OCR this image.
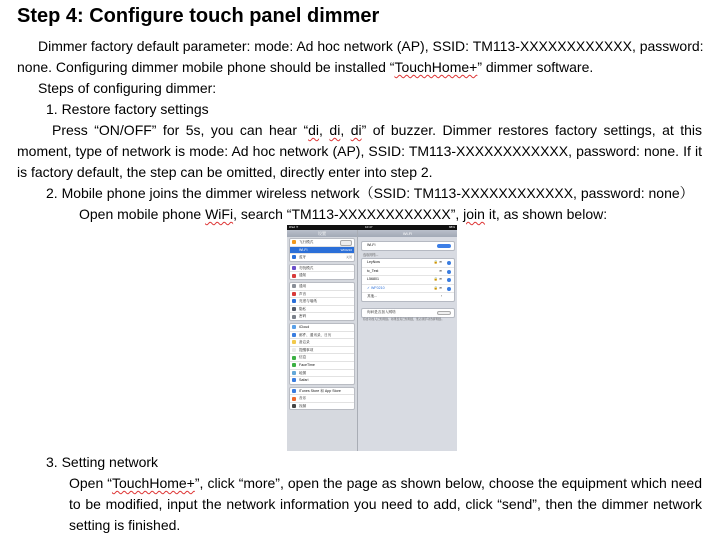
Step 4: Configure touch panel dimmer
Dimmer factory default parameter: mode: Ad hoc network (AP), SSID: TM113-XXXXXXXXXXXX, password:
none. Configuring dimmer mobile phone should be installed “TouchHome+” dimmer software.
Steps of configuring dimmer:
1. Restore factory settings
Press “ON/OFF” for 5s, you can hear “di, di, di” of buzzer. Dimmer restores factory settings, at this
moment, type of network is mode: Ad hoc network (AP), SSID: TM113-XXXXXXXXXXXX, password: none. If it
is factory default, the step can be omitted, directly enter into step 2.
2. Mobile phone joins the dimmer wireless network（SSID: TM113-XXXXXXXXXXXX, password: none）
Open mobile phone WiFi, search “TM113-XXXXXXXXXXXX”, join it, as shown below:
iPad ✈	10:47	88%
设置
飞行模式
Wi-Fi	WF0210
蓝牙	关闭
勿扰模式
通知
通用
声音
亮度与墙纸
隐私
密码
iCloud
邮件、通讯录、日历
备忘录
提醒事项
信息
FaceTime
地图
Safari
iTunes Store 和 App Store
音乐
视频
Wi-Fi
Wi-Fi
选取网络...
LeyNow	🔒 ≋
tc_Test	≋
L56801	🔒 ≋
✓ WF0210	🔒 ≋
其他...	›
询问是否加入网络
将自动加入已知网络。如果没有已知网络，您必须手动选择网络。
3. Setting network
Open “TouchHome+”, click “more”, open the page as shown below, choose the equipment which need
to be modified, input the network information you need to add, click “send”, then the dimmer network
setting is finished.
